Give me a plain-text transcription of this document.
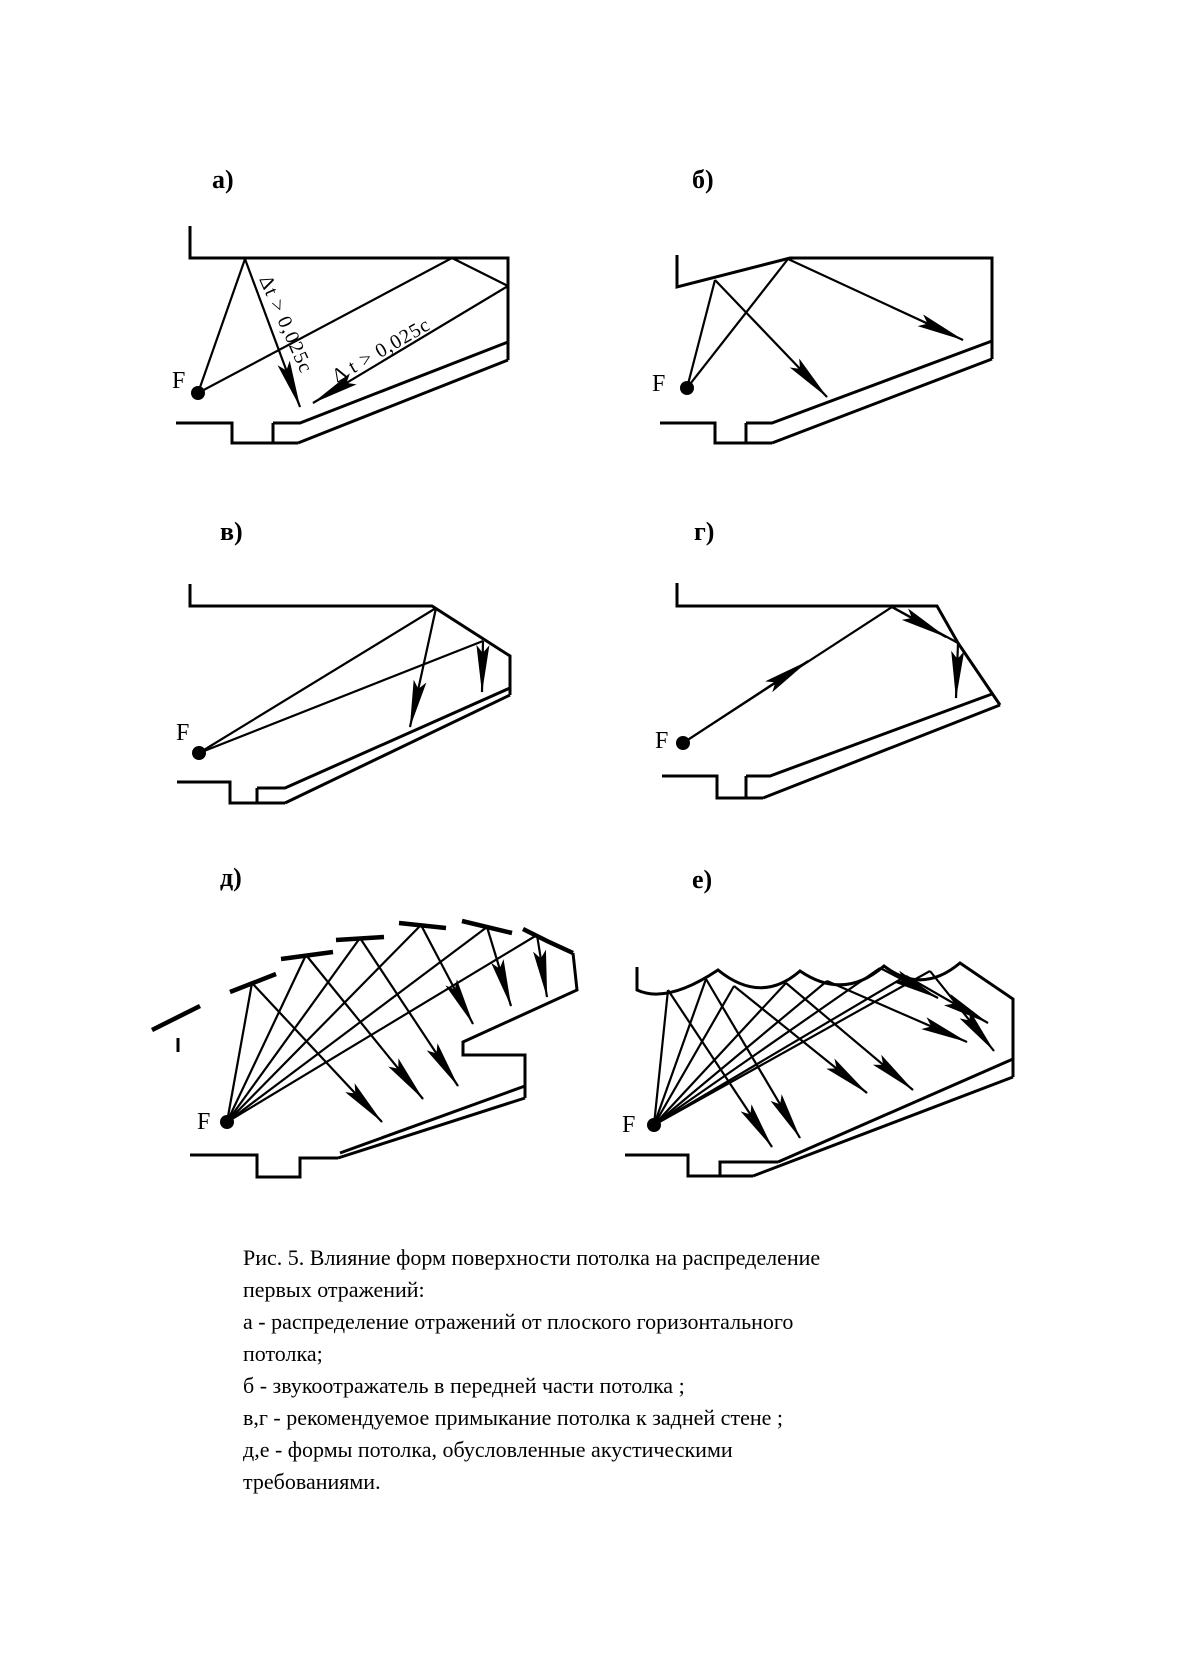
а)	б)
в)	г)
д)	е)
F
Δt > 0,025с Δ t > 0,025с	F
F	F
F	F
Рис. 5. Влияние форм поверхности потолка на распределение
первых отражений:
а - распределение отражений от плоского горизонтального
потолка;
б - звукоотражатель в передней части потолка ;
в,г - рекомендуемое примыкание потолка к задней стене ;
д,е - формы потолка, обусловленные акустическими
требованиями.
